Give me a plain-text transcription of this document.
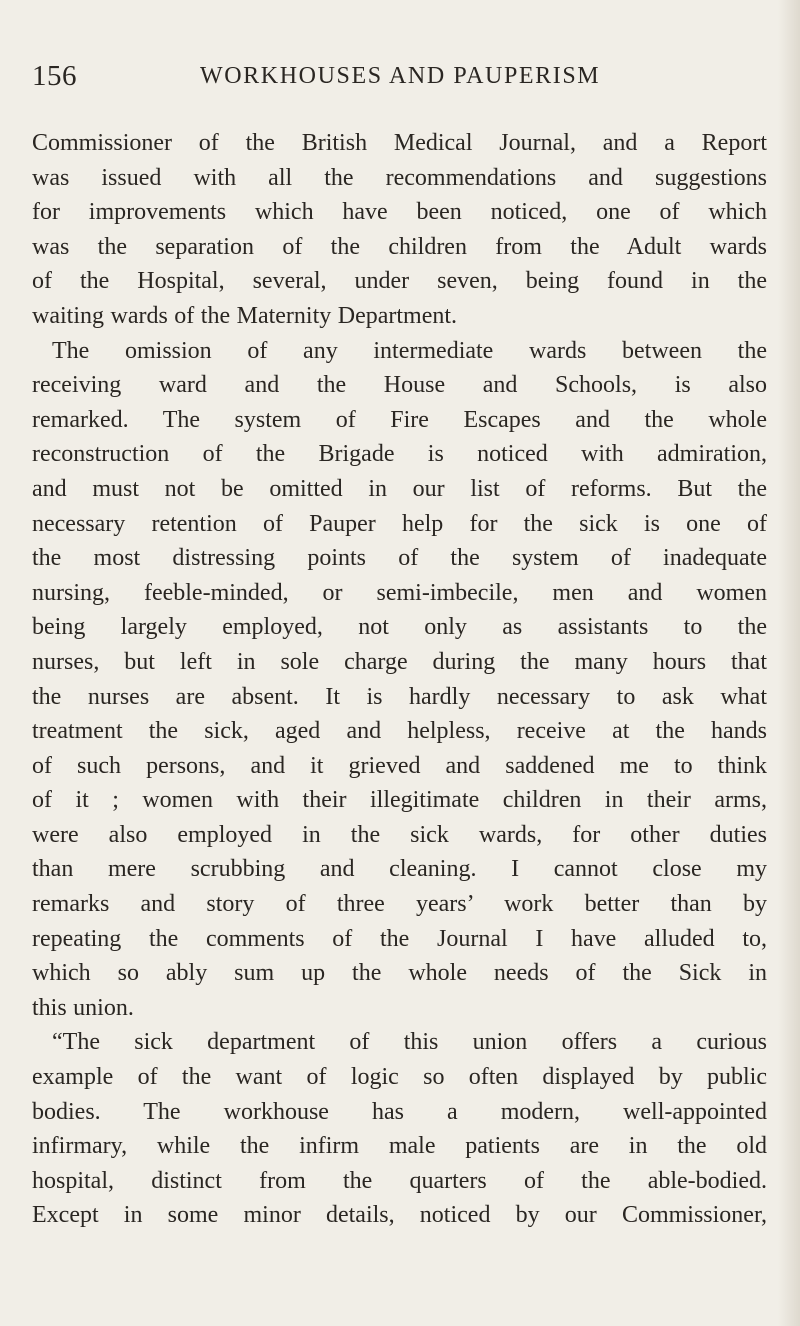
156	WORKHOUSES AND PAUPERISM
Commissioner of the British Medical Journal, and a Report
was issued with all the recommendations and suggestions
for improvements which have been noticed, one of which
was the separation of the children from the Adult wards
of the Hospital, several, under seven, being found in the
waiting wards of the Maternity Department.
The omission of any intermediate wards between the
receiving ward and the House and Schools, is also
remarked. The system of Fire Escapes and the whole
reconstruction of the Brigade is noticed with admiration,
and must not be omitted in our list of reforms. But the
necessary retention of Pauper help for the sick is one of
the most distressing points of the system of inadequate
nursing, feeble-minded, or semi-imbecile, men and women
being largely employed, not only as assistants to the
nurses, but left in sole charge during the many hours that
the nurses are absent. It is hardly necessary to ask what
treatment the sick, aged and helpless, receive at the hands
of such persons, and it grieved and saddened me to think
of it ; women with their illegitimate children in their arms,
were also employed in the sick wards, for other duties
than mere scrubbing and cleaning. I cannot close my
remarks and story of three years’ work better than by
repeating the comments of the Journal I have alluded to,
which so ably sum up the whole needs of the Sick in
this union.
“The sick department of this union offers a curious
example of the want of logic so often displayed by public
bodies. The workhouse has a modern, well-appointed
infirmary, while the infirm male patients are in the old
hospital, distinct from the quarters of the able-bodied.
Except in some minor details, noticed by our Commissioner,
